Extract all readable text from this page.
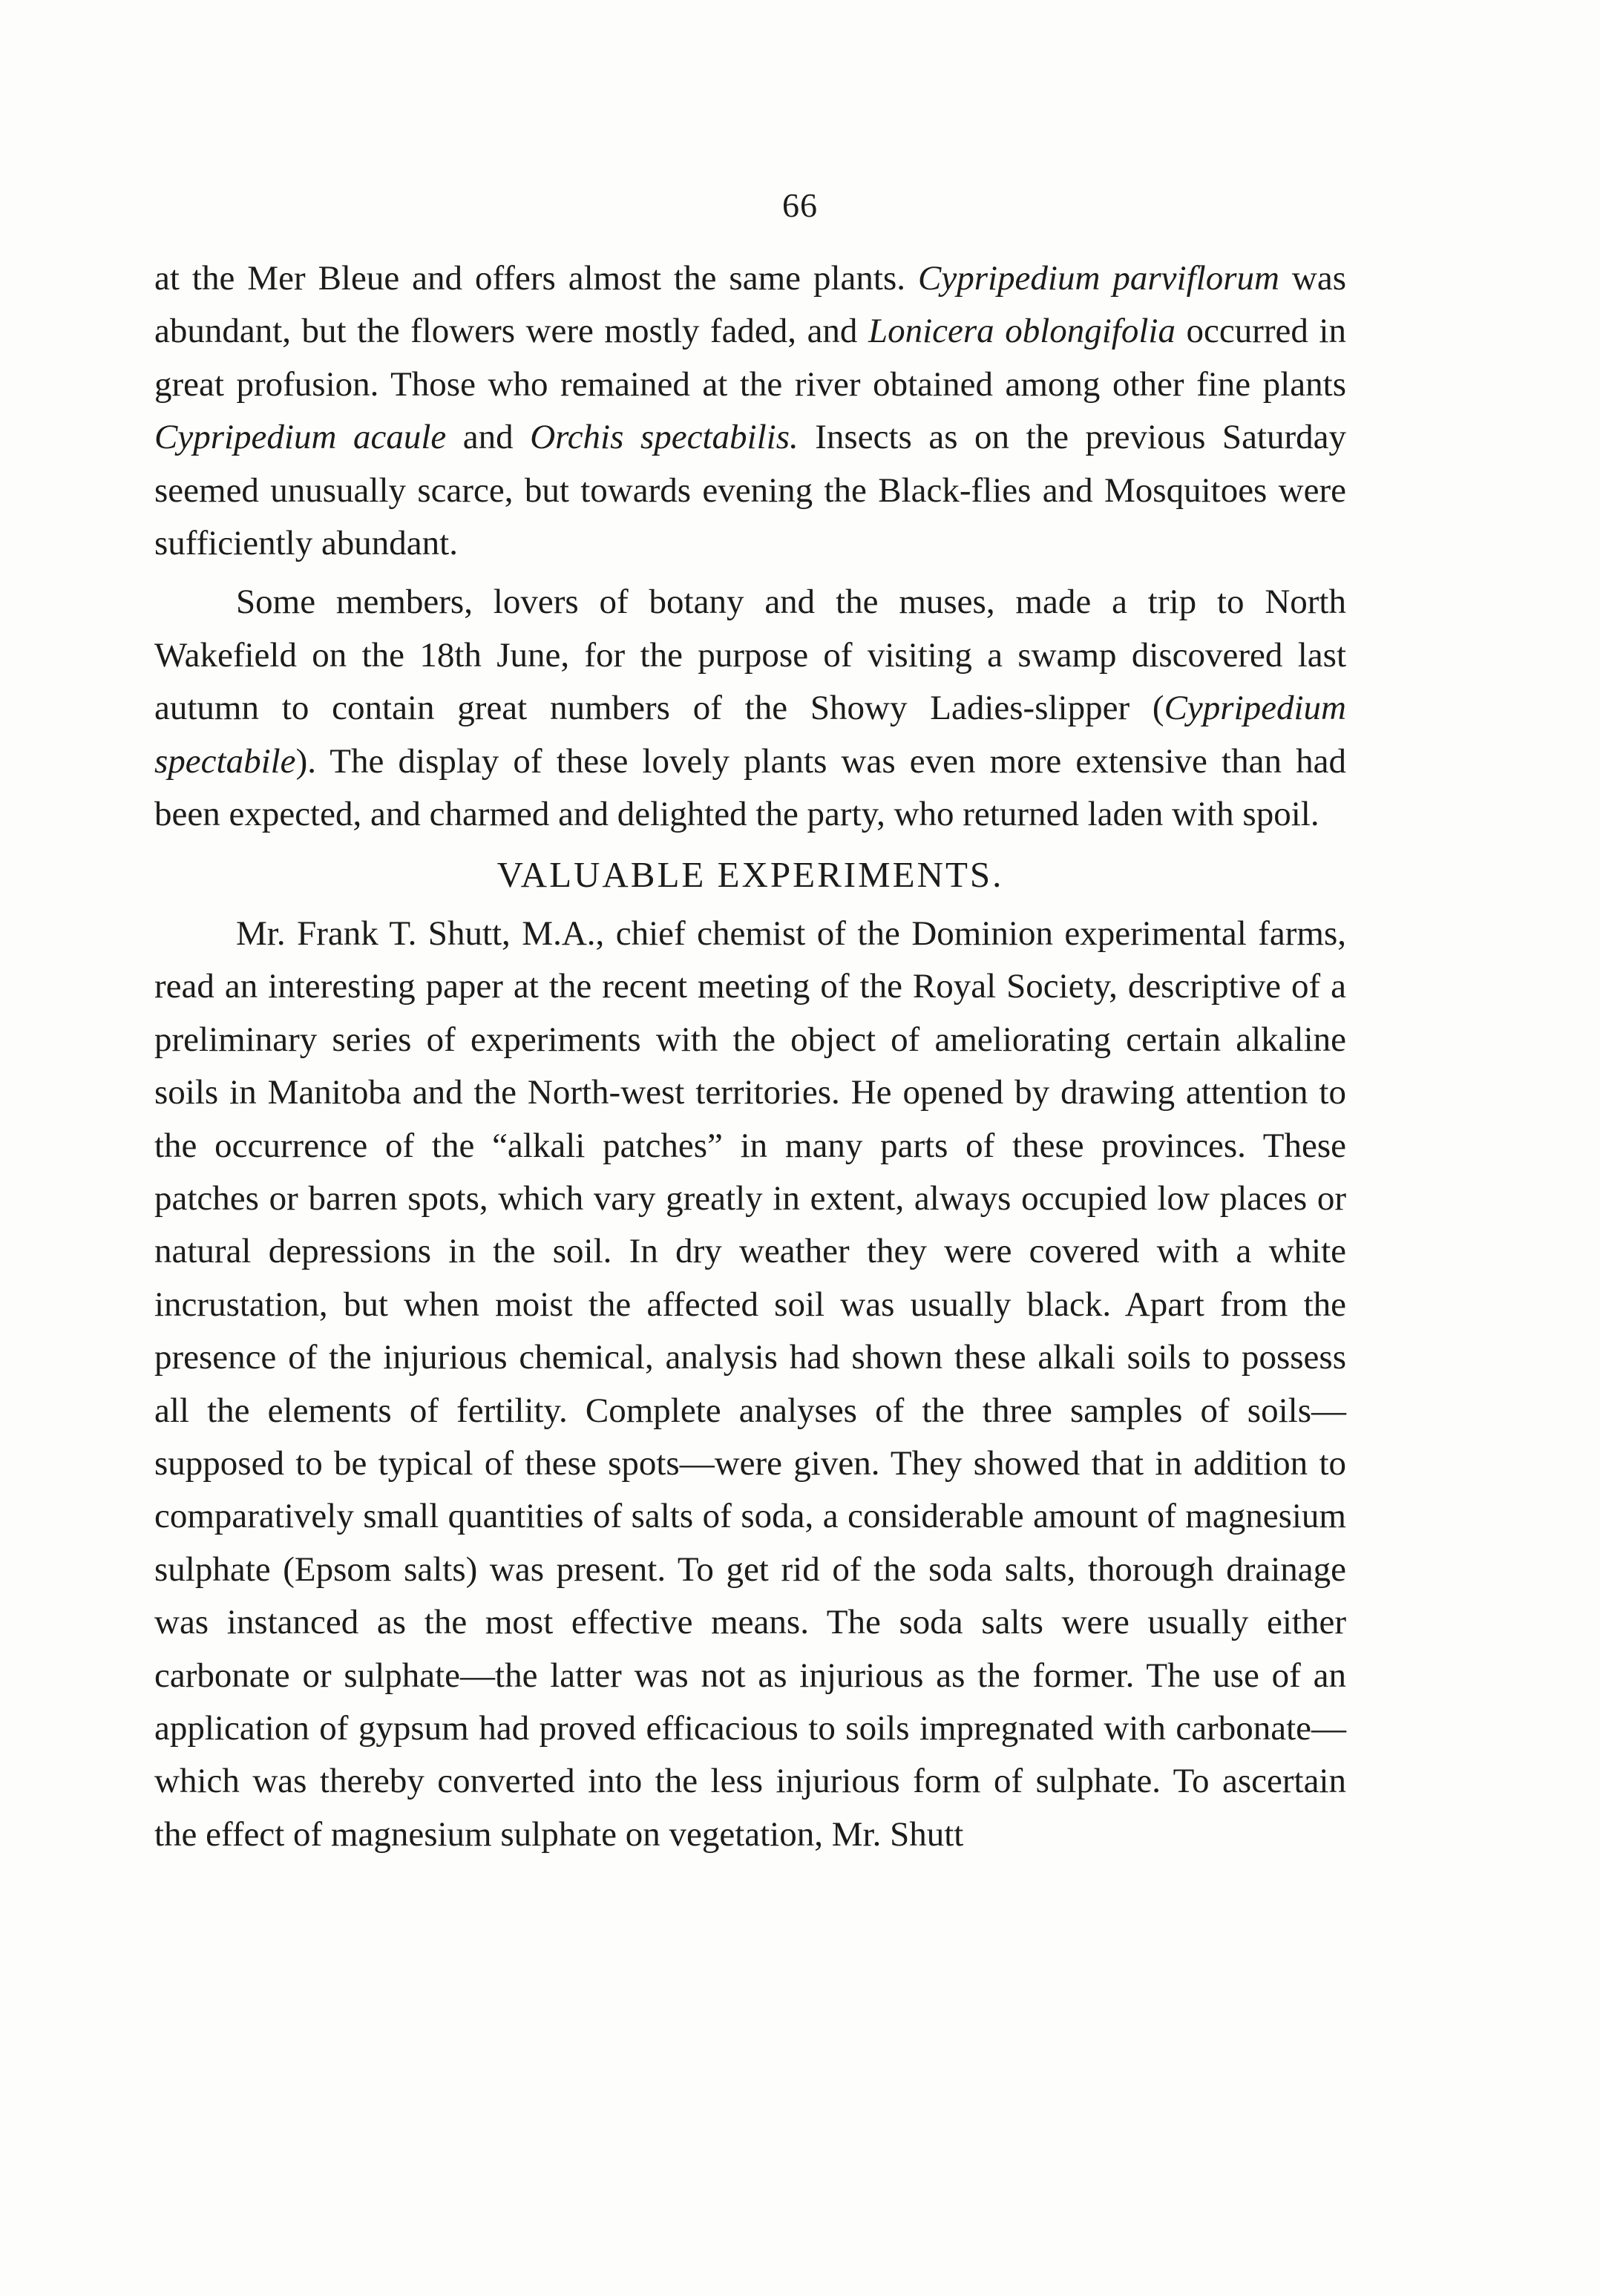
66

at the Mer Bleue and offers almost the same plants. Cypripedium parviflorum was abundant, but the flowers were mostly faded, and Lonicera oblongifolia occurred in great profusion. Those who remained at the river obtained among other fine plants Cypripedium acaule and Orchis spectabilis. Insects as on the previous Saturday seemed unusually scarce, but towards evening the Black-flies and Mosquitoes were sufficiently abundant.

Some members, lovers of botany and the muses, made a trip to North Wakefield on the 18th June, for the purpose of visiting a swamp discovered last autumn to contain great numbers of the Showy Ladies-slipper (Cypripedium spectabile). The display of these lovely plants was even more extensive than had been expected, and charmed and delighted the party, who returned laden with spoil.

VALUABLE EXPERIMENTS.

Mr. Frank T. Shutt, M.A., chief chemist of the Dominion experimental farms, read an interesting paper at the recent meeting of the Royal Society, descriptive of a preliminary series of experiments with the object of ameliorating certain alkaline soils in Manitoba and the North-west territories. He opened by drawing attention to the occurrence of the “alkali patches” in many parts of these provinces. These patches or barren spots, which vary greatly in extent, always occupied low places or natural depressions in the soil. In dry weather they were covered with a white incrustation, but when moist the affected soil was usually black. Apart from the presence of the injurious chemical, analysis had shown these alkali soils to possess all the elements of fertility. Complete analyses of the three samples of soils—supposed to be typical of these spots—were given. They showed that in addition to comparatively small quantities of salts of soda, a considerable amount of magnesium sulphate (Epsom salts) was present. To get rid of the soda salts, thorough drainage was instanced as the most effective means. The soda salts were usually either carbonate or sulphate—the latter was not as injurious as the former. The use of an application of gypsum had proved efficacious to soils impregnated with carbonate—which was thereby converted into the less injurious form of sulphate. To ascertain the effect of magnesium sulphate on vegetation, Mr. Shutt
